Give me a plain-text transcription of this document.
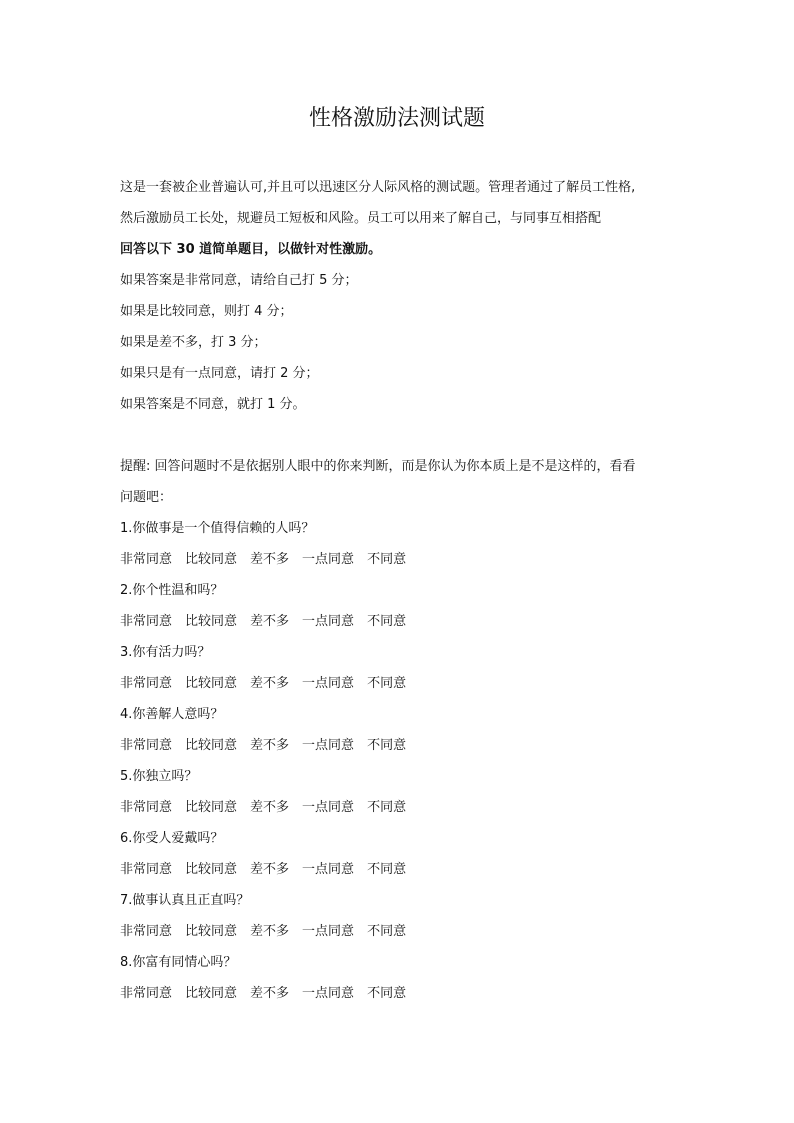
性格激励法测试题
这是一套被企业普遍认可,并且可以迅速区分人际风格的测试题。管理者通过了解员工性格,
然后激励员工长处，规避员工短板和风险。员工可以用来了解自己，与同事互相搭配
回答以下 30 道简单题目，以做针对性激励。
如果答案是非常同意，请给自己打 5 分；
如果是比较同意，则打 4 分；
如果是差不多，打 3 分；
如果只是有一点同意，请打 2 分；
如果答案是不同意，就打 1 分。
提醒: 回答问题时不是依据别人眼中的你来判断，而是你认为你本质上是不是这样的，看看
问题吧：
1.你做事是一个值得信赖的人吗？
非常同意 比较同意 差不多 一点同意 不同意
2.你个性温和吗？
非常同意 比较同意 差不多 一点同意 不同意
3.你有活力吗？
非常同意 比较同意 差不多 一点同意 不同意
4.你善解人意吗？
非常同意 比较同意 差不多 一点同意 不同意
5.你独立吗？
非常同意 比较同意 差不多 一点同意 不同意
6.你受人爱戴吗？
非常同意 比较同意 差不多 一点同意 不同意
7.做事认真且正直吗？
非常同意 比较同意 差不多 一点同意 不同意
8.你富有同情心吗？
非常同意 比较同意 差不多 一点同意 不同意
